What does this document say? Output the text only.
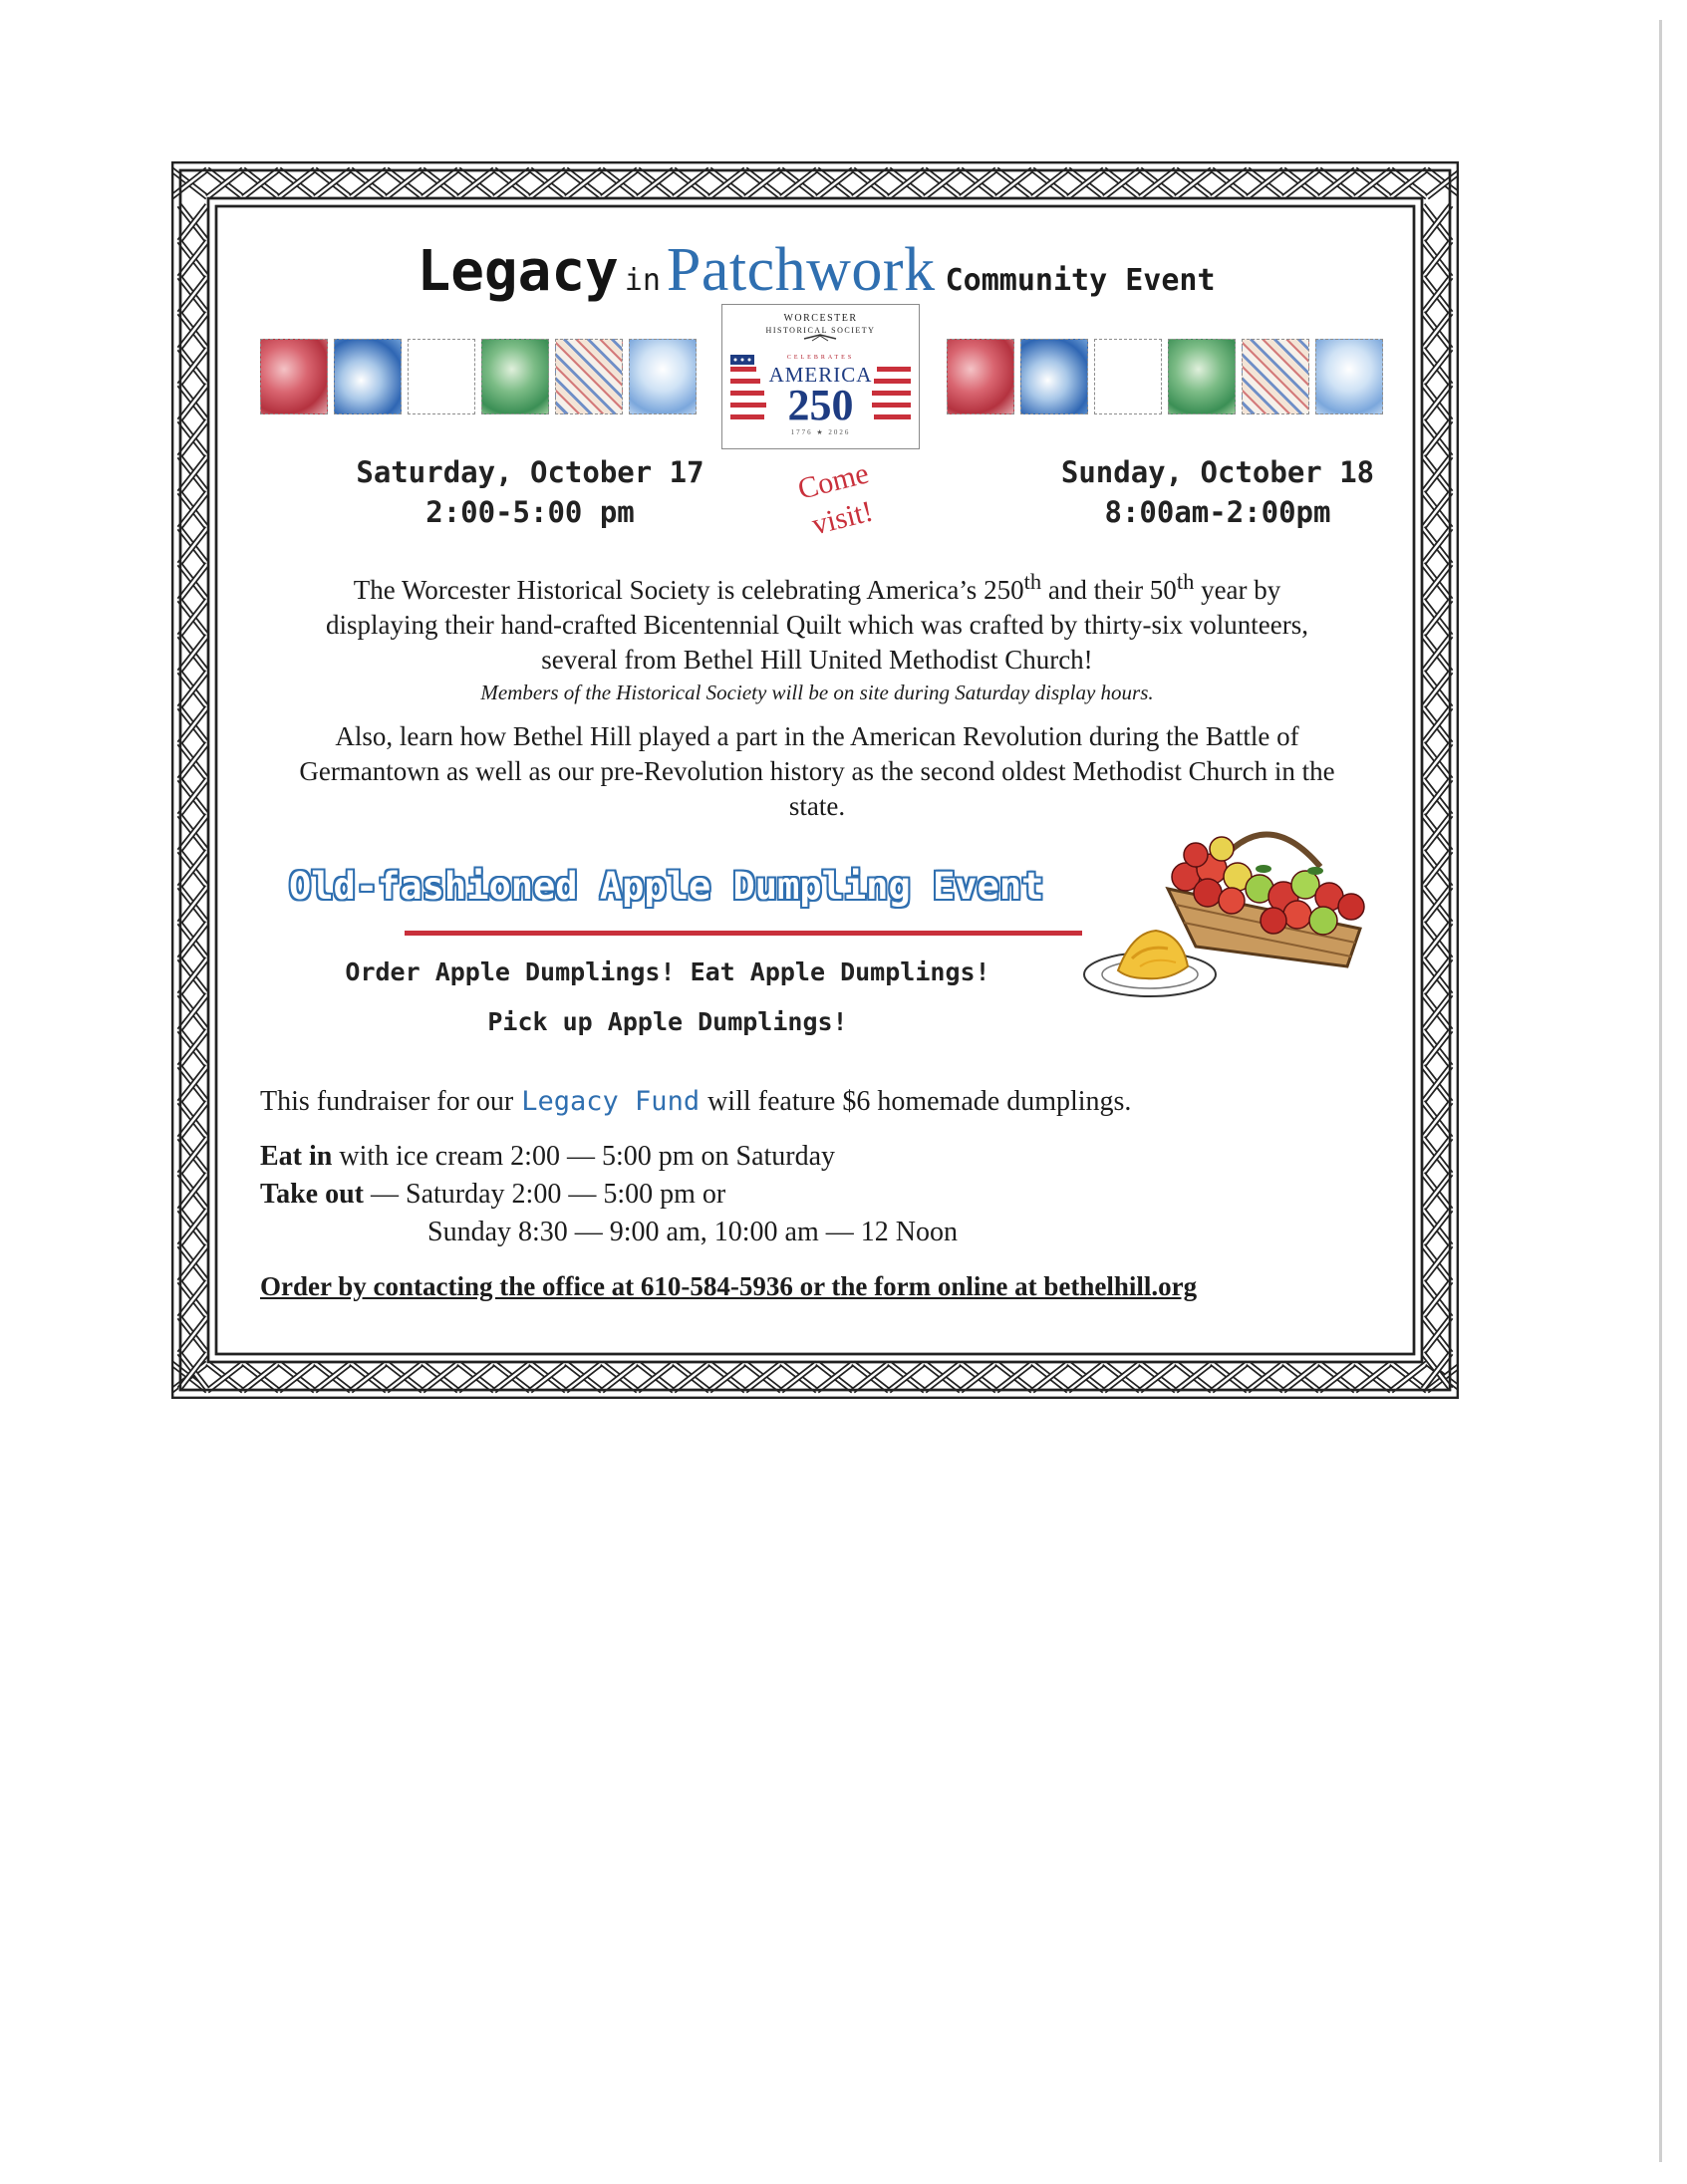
Legacy inPatchwork Community Event
WORCESTER
HISTORICAL SOCIETY
CELEBRATES
AMERICA
250
1776 ★ 2026
Saturday, October 17
2:00-5:00 pm
Come
visit!
Sunday, October 18
8:00am-2:00pm
The Worcester Historical Society is celebrating America’s 250th and their 50th year by displaying their hand-crafted Bicentennial Quilt which was crafted by thirty-six volunteers, several from Bethel Hill United Methodist Church!
Members of the Historical Society will be on site during Saturday display hours.
Also, learn how Bethel Hill played a part in the American Revolution during the Battle of Germantown as well as our pre-Revolution history as the second oldest Methodist Church in the state.
Old-fashioned Apple Dumpling Event
Order Apple Dumplings! Eat Apple Dumplings!
Pick up Apple Dumplings!
This fundraiser for our Legacy Fund will feature $6 homemade dumplings.
Eat in with ice cream 2:00 — 5:00 pm on Saturday
Take out — Saturday 2:00 — 5:00 pm or
Sunday 8:30 — 9:00 am, 10:00 am — 12 Noon
Order by contacting the office at 610-584-5936 or the form online at bethelhill.org
